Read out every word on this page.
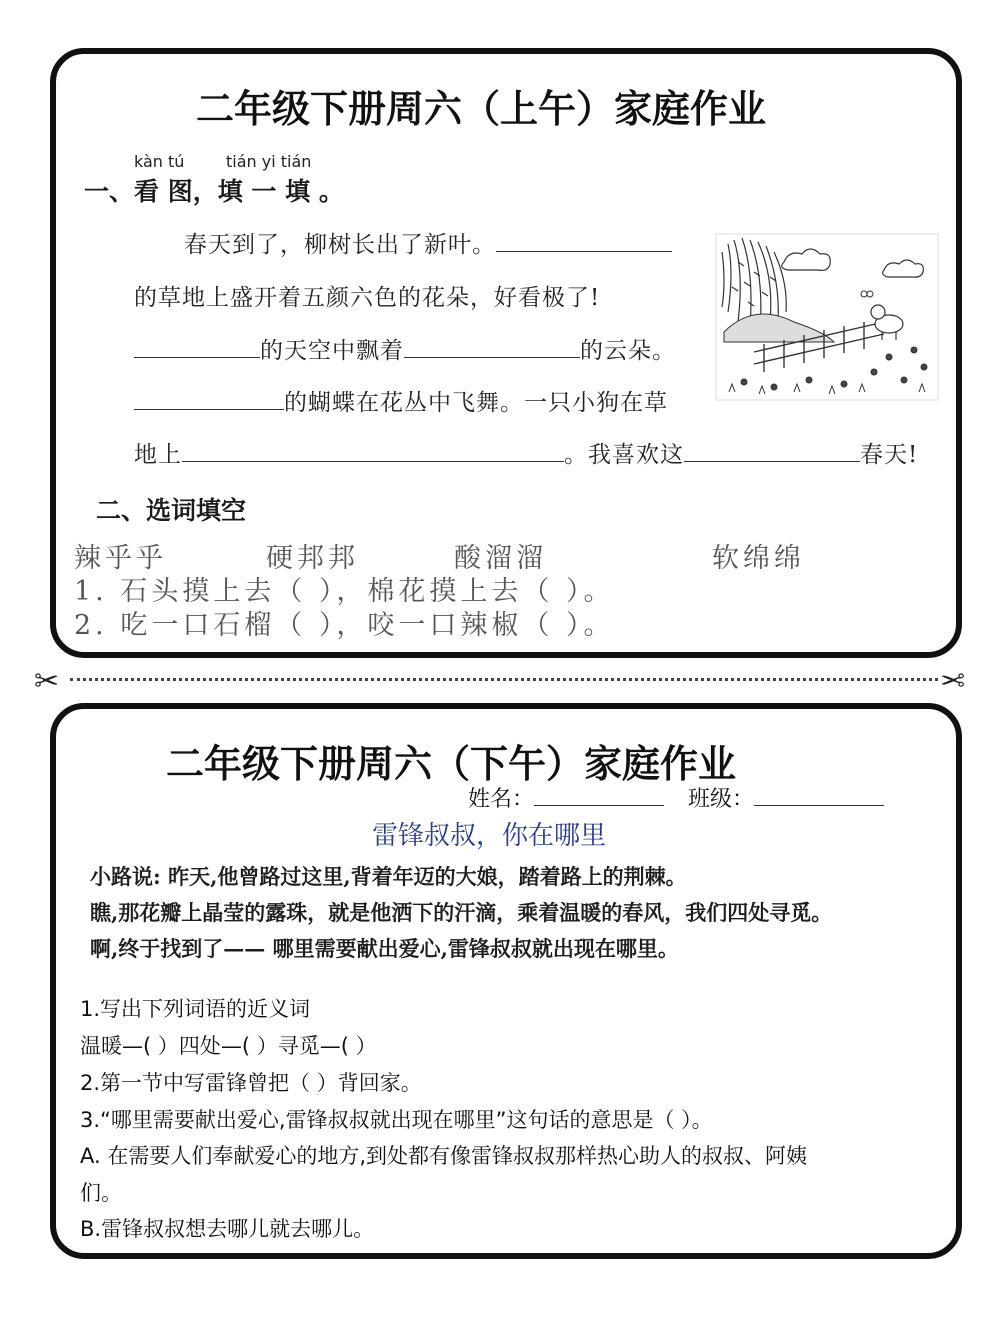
二年级下册周六（上午）家庭作业
kàn tú	tián yi tián
一、看 图，填 一 填 。
春天到了，柳树长出了新叶。
的草地上盛开着五颜六色的花朵，好看极了!
的天空中飘着	的云朵。
的蝴蝶在花丛中飞舞。一只小狗在草
地上	。我喜欢这	春天!
二、选词填空
辣乎乎	硬邦邦	酸溜溜	软绵绵
1. 石头摸上去（ ），棉花摸上去（ ）。
2. 吃一口石榴（ ），咬一口辣椒（ ）。
✂	✂
二年级下册周六（下午）家庭作业
姓名：	班级：
雷锋叔叔，你在哪里
小路说: 昨天,他曾路过这里,背着年迈的大娘，踏着路上的荆棘。
瞧,那花瓣上晶莹的露珠，就是他洒下的汗滴，乘着温暖的春风，我们四处寻觅。
啊,终于找到了—— 哪里需要献出爱心,雷锋叔叔就出现在哪里。
1.写出下列词语的近义词
温暖—( ）四处—( ）寻觅—( ）
2.第一节中写雷锋曾把（ ）背回家。
3.“哪里需要献出爱心,雷锋叔叔就出现在哪里”这句话的意思是（ ）。
A. 在需要人们奉献爱心的地方,到处都有像雷锋叔叔那样热心助人的叔叔、阿姨
们。
B.雷锋叔叔想去哪儿就去哪儿。
